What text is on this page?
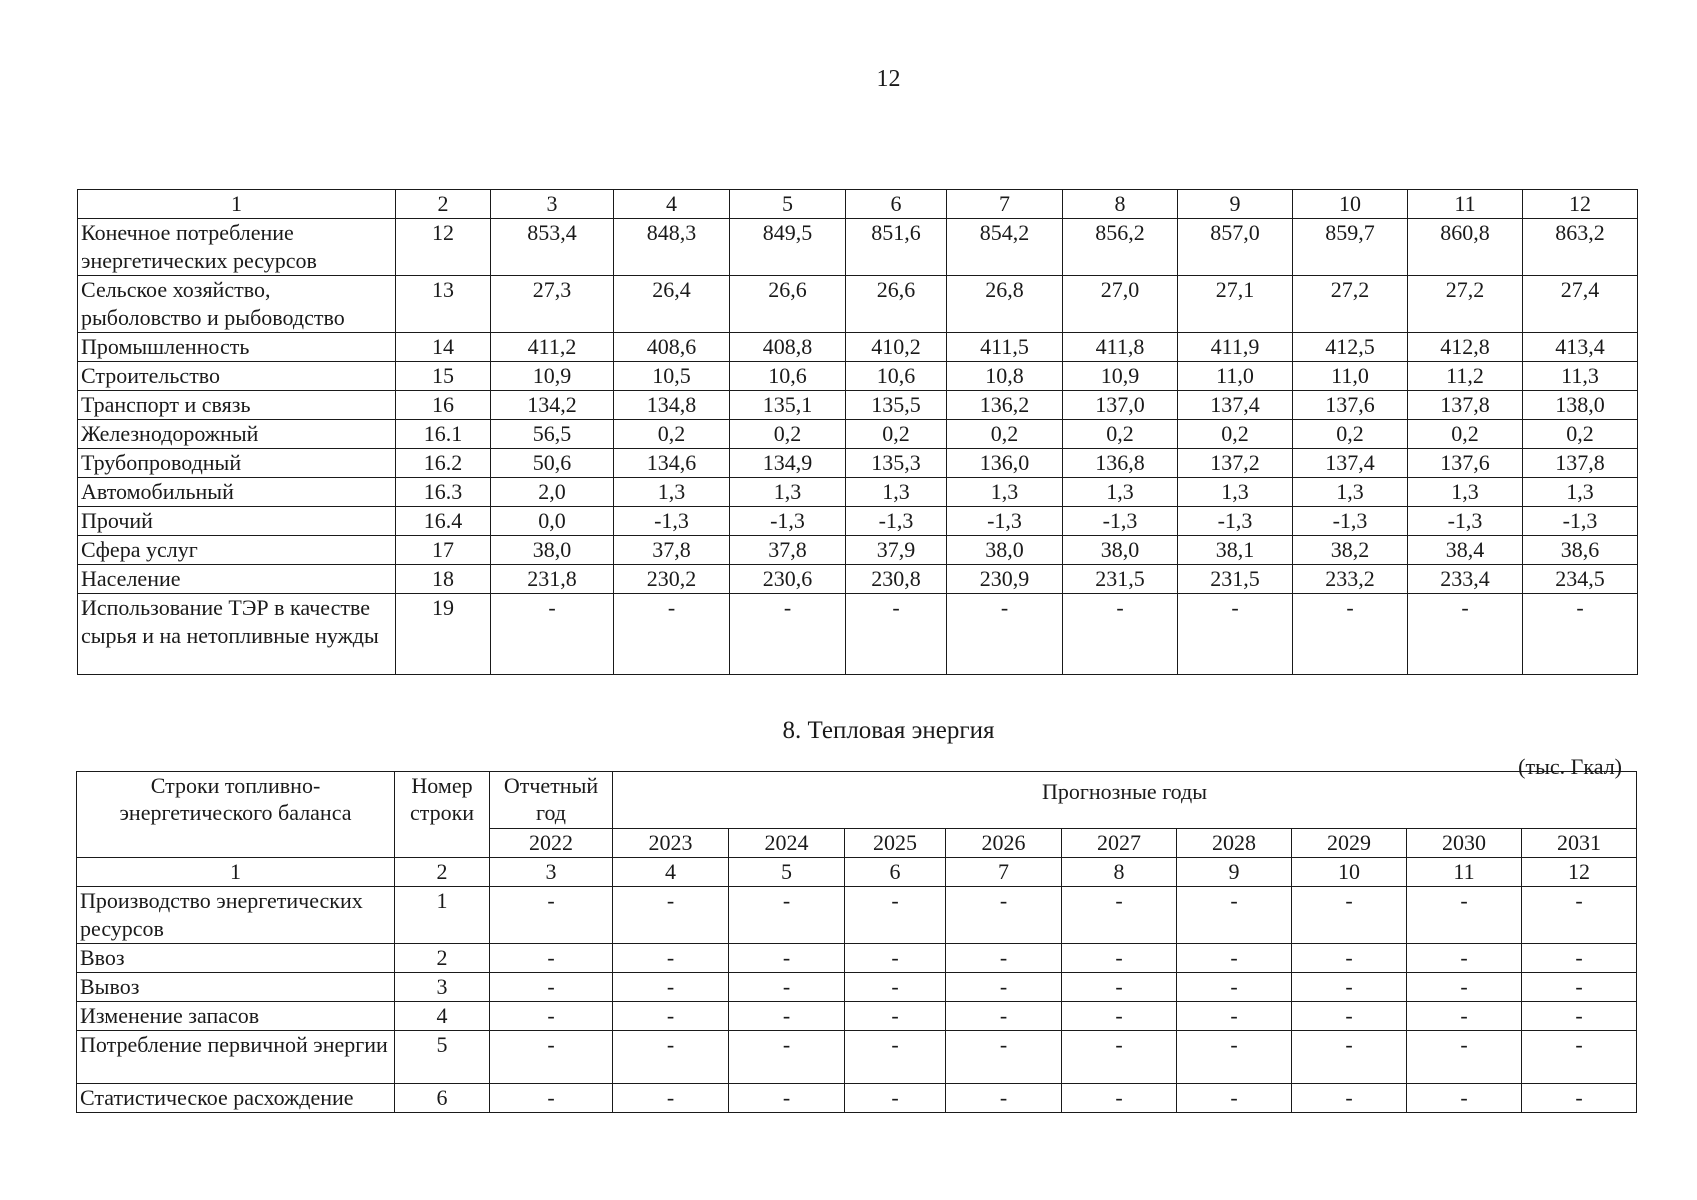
12
1	2	3	4	5	6	7	8	9	10	11	12
Конечное потребление энергетических ресурсов	12	853,4	848,3	849,5	851,6	854,2	856,2	857,0	859,7	860,8	863,2
Сельское хозяйство, рыболовство и рыбоводство	13	27,3	26,4	26,6	26,6	26,8	27,0	27,1	27,2	27,2	27,4
Промышленность	14	411,2	408,6	408,8	410,2	411,5	411,8	411,9	412,5	412,8	413,4
Строительство	15	10,9	10,5	10,6	10,6	10,8	10,9	11,0	11,0	11,2	11,3
Транспорт и связь	16	134,2	134,8	135,1	135,5	136,2	137,0	137,4	137,6	137,8	138,0
Железнодорожный	16.1	56,5	0,2	0,2	0,2	0,2	0,2	0,2	0,2	0,2	0,2
Трубопроводный	16.2	50,6	134,6	134,9	135,3	136,0	136,8	137,2	137,4	137,6	137,8
Автомобильный	16.3	2,0	1,3	1,3	1,3	1,3	1,3	1,3	1,3	1,3	1,3
Прочий	16.4	0,0	-1,3	-1,3	-1,3	-1,3	-1,3	-1,3	-1,3	-1,3	-1,3
Сфера услуг	17	38,0	37,8	37,8	37,9	38,0	38,0	38,1	38,2	38,4	38,6
Население	18	231,8	230,2	230,6	230,8	230,9	231,5	231,5	233,2	233,4	234,5
Использование ТЭР в качестве сырья и на нетопливные нужды	19	-	-	-	-	-	-	-	-	-	-
8. Тепловая энергия
(тыс. Гкал)
Строки топливно-энергетического баланса	Номер строки	Отчетный год	Прогнозные годы								
		2022	2023	2024	2025	2026	2027	2028	2029	2030	2031
1	2	3	4	5	6	7	8	9	10	11	12
Производство энергетических ресурсов	1	-	-	-	-	-	-	-	-	-	-
Ввоз	2	-	-	-	-	-	-	-	-	-	-
Вывоз	3	-	-	-	-	-	-	-	-	-	-
Изменение запасов	4	-	-	-	-	-	-	-	-	-	-
Потребление первичной энергии	5	-	-	-	-	-	-	-	-	-	-
Статистическое расхождение	6	-	-	-	-	-	-	-	-	-	-
